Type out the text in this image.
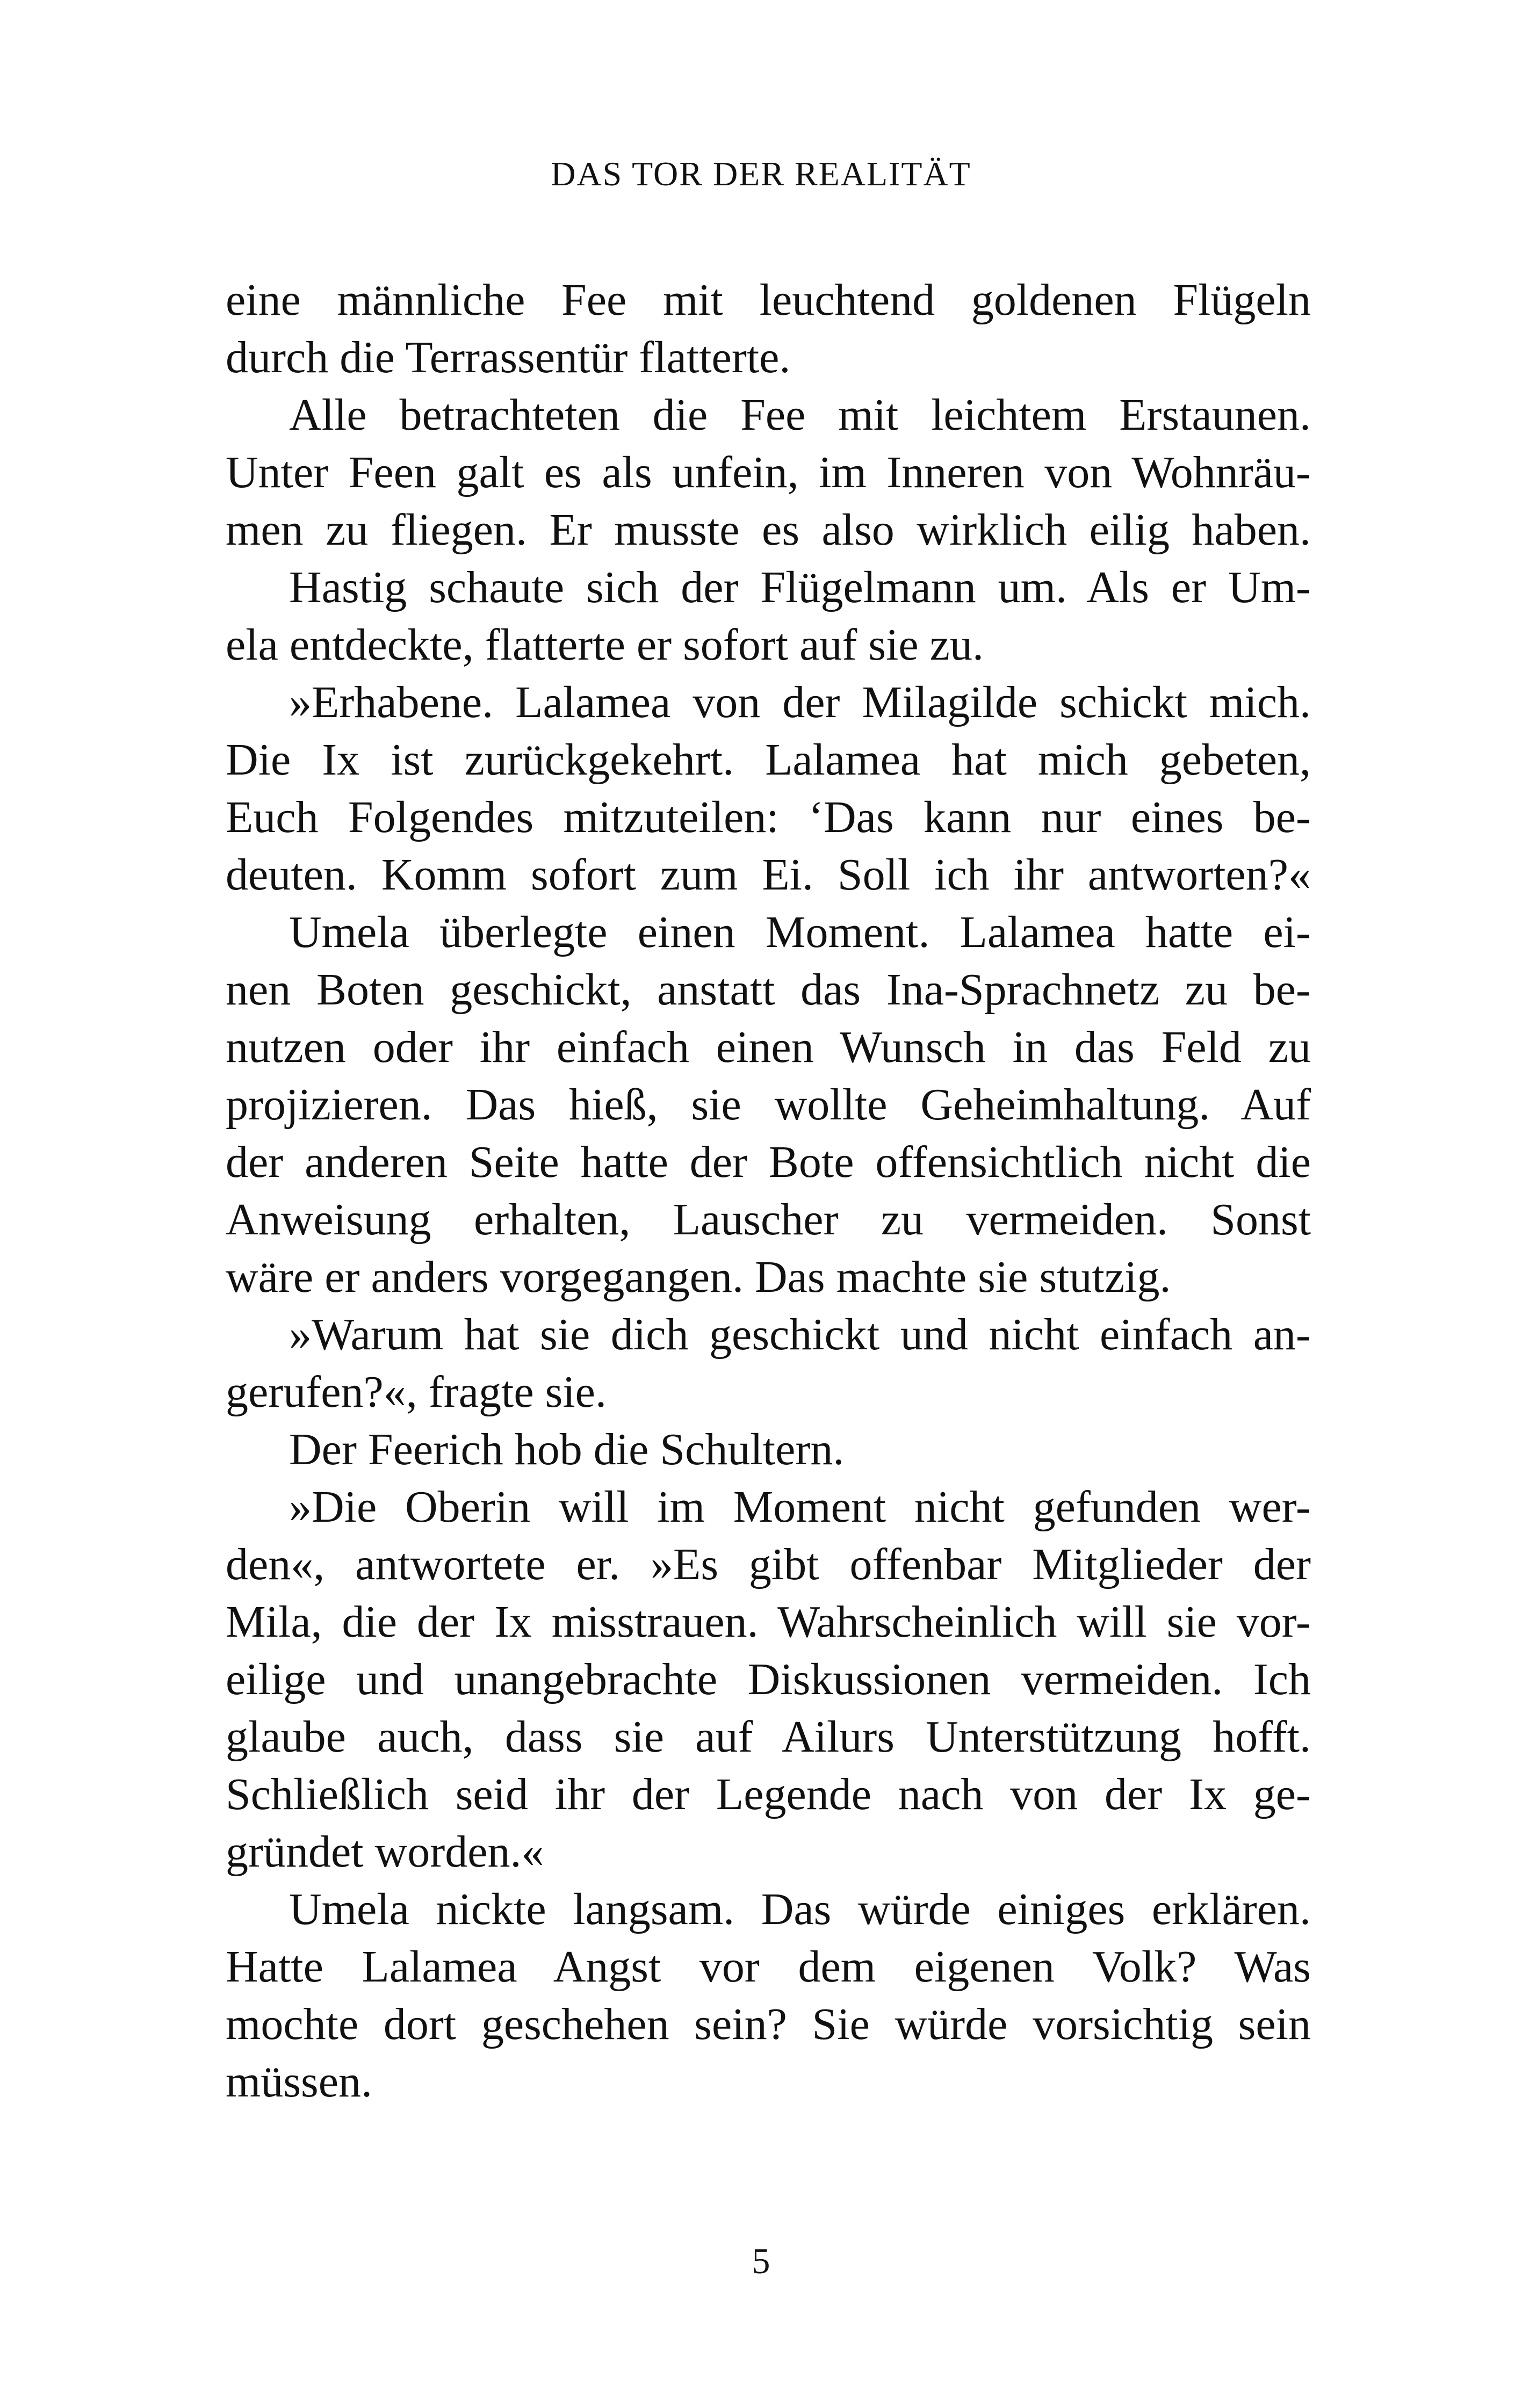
DAS TOR DER REALITÄT
eine männliche Fee mit leuchtend goldenen Flügeln
durch die Terrassentür flatterte.
Alle betrachteten die Fee mit leichtem Erstaunen.
Unter Feen galt es als unfein, im Inneren von Wohnräu-
men zu fliegen. Er musste es also wirklich eilig haben.
Hastig schaute sich der Flügelmann um. Als er Um-
ela entdeckte, flatterte er sofort auf sie zu.
»Erhabene. Lalamea von der Milagilde schickt mich.
Die Ix ist zurückgekehrt. Lalamea hat mich gebeten,
Euch Folgendes mitzuteilen: ‘Das kann nur eines be-
deuten. Komm sofort zum Ei. Soll ich ihr antworten?«
Umela überlegte einen Moment. Lalamea hatte ei-
nen Boten geschickt, anstatt das Ina-Sprachnetz zu be-
nutzen oder ihr einfach einen Wunsch in das Feld zu
projizieren. Das hieß, sie wollte Geheimhaltung. Auf
der anderen Seite hatte der Bote offensichtlich nicht die
Anweisung erhalten, Lauscher zu vermeiden. Sonst
wäre er anders vorgegangen. Das machte sie stutzig.
»Warum hat sie dich geschickt und nicht einfach an-
gerufen?«, fragte sie.
Der Feerich hob die Schultern.
»Die Oberin will im Moment nicht gefunden wer-
den«, antwortete er. »Es gibt offenbar Mitglieder der
Mila, die der Ix misstrauen. Wahrscheinlich will sie vor-
eilige und unangebrachte Diskussionen vermeiden. Ich
glaube auch, dass sie auf Ailurs Unterstützung hofft.
Schließlich seid ihr der Legende nach von der Ix ge-
gründet worden.«
Umela nickte langsam. Das würde einiges erklären.
Hatte Lalamea Angst vor dem eigenen Volk? Was
mochte dort geschehen sein? Sie würde vorsichtig sein
müssen.
5
